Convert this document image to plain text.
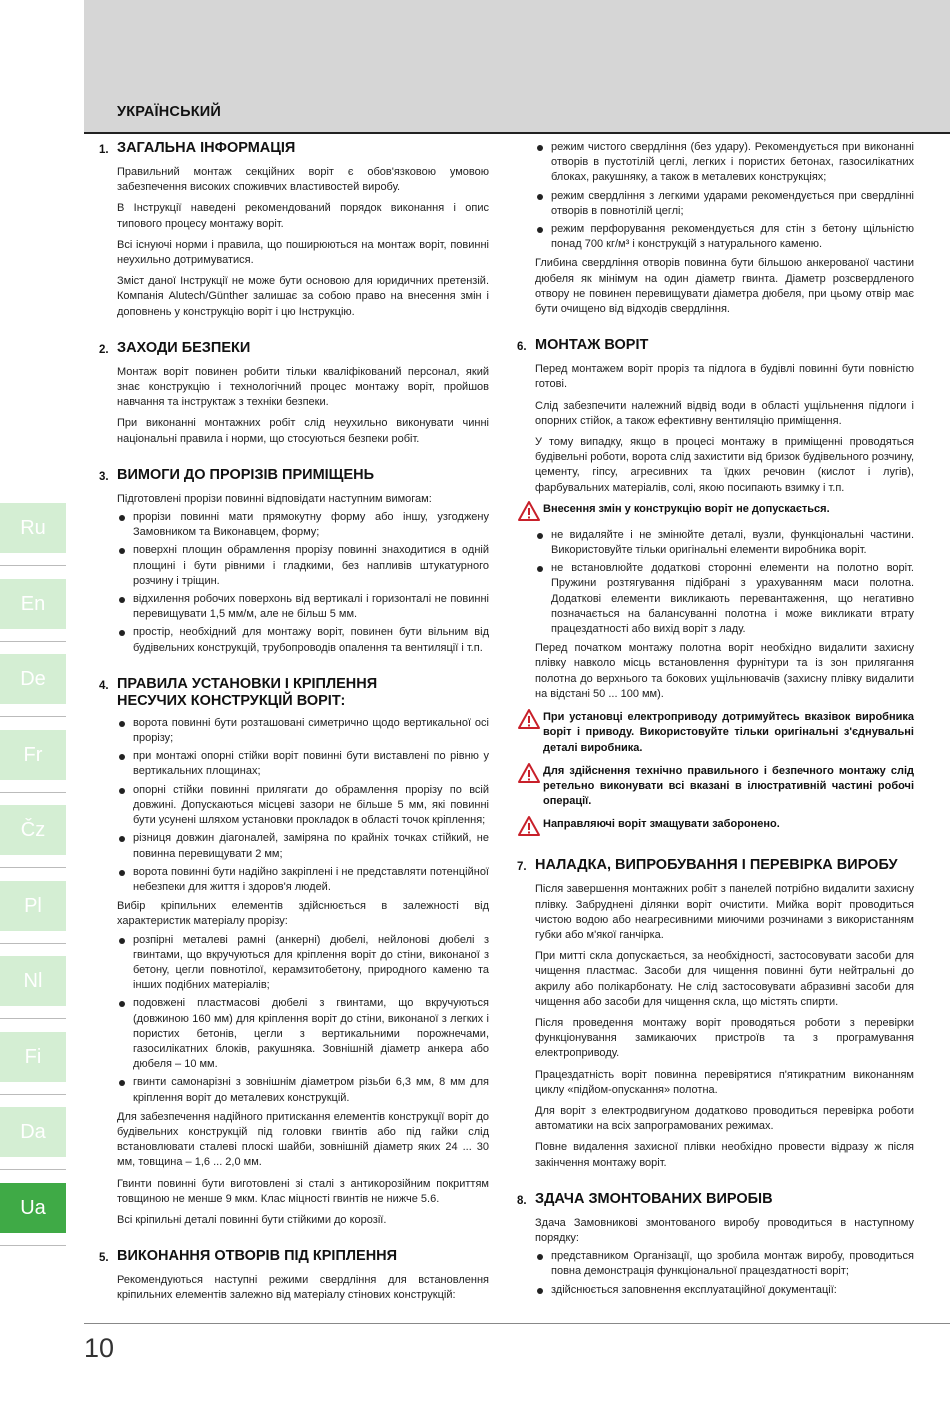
УКРАЇНСЬКИЙ
Ru
En
De
Fr
Čz
Pl
Nl
Fi
Da
Ua
1. ЗАГАЛЬНА ІНФОРМАЦІЯ

Правильний монтаж секційних воріт є обов'язковою умовою забезпечення високих споживчих властивостей виробу.

В Інструкції наведені рекомендований порядок виконання і опис типового процесу монтажу воріт.

Всі існуючі норми і правила, що поширюються на монтаж воріт, повинні неухильно дотримуватися.

Зміст даної Інструкції не може бути основою для юридичних претензій. Компанія Alutech/Günther залишає за собою право на внесення змін і доповнень у конструкцію воріт і цю Інструкцію.

2. ЗАХОДИ БЕЗПЕКИ

Монтаж воріт повинен робити тільки кваліфікований персонал, який знає конструкцію і технологічний процес монтажу воріт, пройшов навчання та інструктаж з техніки безпеки.

При виконанні монтажних робіт слід неухильно виконувати чинні національні правила і норми, що стосуються безпеки робіт.

3. ВИМОГИ ДО ПРОРІЗІВ ПРИМІЩЕНЬ

Підготовлені прорізи повинні відповідати наступним вимогам:

прорізи повинні мати прямокутну форму або іншу, узгоджену Замовником та Виконавцем, форму;
поверхні площин обрамлення прорізу повинні знаходитися в одній площині і бути рівними і гладкими, без напливів штукатурного розчину і тріщин.
відхилення робочих поверхонь від вертикалі і горизонталі не повинні перевищувати 1,5 мм/м, але не більш 5 мм.
простір, необхідний для монтажу воріт, повинен бути вільним від будівельних конструкцій, трубопроводів опалення та вентиляції і т.п.
4. ПРАВИЛА УСТАНОВКИ І КРІПЛЕННЯ
НЕСУЧИХ КОНСТРУКЦІЙ ВОРІТ:
ворота повинні бути розташовані симетрично щодо вертикальної осі прорізу;
при монтажі опорні стійки воріт повинні бути виставлені по рівню у вертикальних площинах;
опорні стійки повинні прилягати до обрамлення прорізу по всій довжині. Допускаються місцеві зазори не більше 5 мм, які повинні бути усунені шляхом установки прокладок в області точок кріплення;
різниця довжин діагоналей, заміряна по крайніх точках стійкий, не повинна перевищувати 2 мм;
ворота повинні бути надійно закріплені і не представляти потенційної небезпеки для життя і здоров'я людей.

Вибір кріпильних елементів здійснюється в залежності від характеристик матеріалу прорізу:

розпірні металеві рамні (анкерні) дюбелі, нейлонові дюбелі з гвинтами, що вкручуються для кріплення воріт до стіни, виконаної з бетону, цегли повнотілої, керамзитобетону, природного каменю та інших подібних матеріалів;
подовжені пластмасові дюбелі з гвинтами, що вкручуються (довжиною 160 мм) для кріплення воріт до стіни, виконаної з легких і пористих бетонів, цегли з вертикальними порожнечами, газосилікатних блоків, ракушняка. Зовнішній діаметр анкера або дюбеля – 10 мм.
гвинти самонарізні з зовнішнім діаметром різьби 6,3 мм, 8 мм для кріплення воріт до металевих конструкцій.

Для забезпечення надійного притискання елементів конструкції воріт до будівельних конструкцій під головки гвинтів або під гайки слід встановлювати сталеві плоскі шайби, зовнішній діаметр яких 24 ... 30 мм, товщина – 1,6 ... 2,0 мм.

Гвинти повинні бути виготовлені зі сталі з антикорозійним покриттям товщиною не менше 9 мкм. Клас міцності гвинтів не нижче 5.6.

Всі кріпильні деталі повинні бути стійкими до корозії.

5. ВИКОНАННЯ ОТВОРІВ ПІД КРІПЛЕННЯ

Рекомендуються наступні режими свердління для встановлення кріпильних елементів залежно від матеріалу стінових конструкцій:

режим чистого свердління (без удару). Рекомендується при виконанні отворів в пустотілій цеглі, легких і пористих бетонах, газосилікатних блоках, ракушняку, а також в металевих конструкціях;
режим свердління з легкими ударами рекомендується при свердлінні отворів в повнотілій цеглі;
режим перфорування рекомендується для стін з бетону щільністю понад 700 кг/м³ і конструкцій з натурального каменю.

Глибина свердління отворів повинна бути більшою анкерованої частини дюбеля як мінімум на один діаметр гвинта. Діаметр розсвердленого отвору не повинен перевищувати діаметра дюбеля, при цьому отвір має бути очищено від відходів свердління.

6. МОНТАЖ ВОРІТ

Перед монтажем воріт проріз та підлога в будівлі повинні бути повністю готові.

Слід забезпечити належний відвід води в області ущільнення підлоги і опорних стійок, а також ефективну вентиляцію приміщення.

У тому випадку, якщо в процесі монтажу в приміщенні проводяться будівельні роботи, ворота слід захистити від бризок будівельного розчину, цементу, гіпсу, агресивних та їдких речовин (кислот і лугів), фарбувальних матеріалів, солі, якою посипають взимку і т.п.

Внесення змін у конструкцію воріт не допускається.
не видаляйте і не змінюйте деталі, вузли, функціональні частини. Використовуйте тільки оригінальні елементи виробника воріт.
не встановлюйте додаткові сторонні елементи на полотно воріт. Пружини розтягування підібрані з урахуванням маси полотна. Додаткові елементи викликають перевантаження, що негативно позначається на балансуванні полотна і може викликати втрату працездатності або вихід воріт з ладу.

Перед початком монтажу полотна воріт необхідно видалити захисну плівку навколо місць встановлення фурнітури та із зон прилягання полотна до верхнього та бокових ущільнювачів (захисну плівку видалити на відстані 50 ... 100 мм).

При установці електроприводу дотримуйтесь вказівок виробника воріт і приводу. Використовуйте тільки оригінальні з'єднувальні деталі виробника.
Для здійснення технічно правильного і безпечного монтажу слід ретельно виконувати всі вказані в ілюстративній частині робочі операції.
Направляючі воріт змащувати заборонено.
7. НАЛАДКА, ВИПРОБУВАННЯ І ПЕРЕВІРКА ВИРОБУ

Після завершення монтажних робіт з панелей потрібно видалити захисну плівку. Забруднені ділянки воріт очистити. Мийка воріт проводиться чистою водою або неагресивними миючими розчинами з використанням губки або м'якої ганчірка.

При митті скла допускається, за необхідності, застосовувати засоби для чищення пластмас. Засоби для чищення повинні бути нейтральні до акрилу або полікарбонату. Не слід застосовувати абразивні засоби для чищення або засоби для чищення скла, що містять спирти.

Після проведення монтажу воріт проводяться роботи з перевірки функціонування замикаючих пристроїв та з програмування електроприводу.

Працездатність воріт повинна перевірятися п'ятикратним виконанням циклу «підйом-опускання» полотна.

Для воріт з електродвигуном додатково проводиться перевірка роботи автоматики на всіх запрограмованих режимах.

Повне видалення захисної плівки необхідно провести відразу ж після закінчення монтажу воріт.

8. ЗДАЧА ЗМОНТОВАНИХ ВИРОБІВ

Здача Замовникові змонтованого виробу проводиться в наступному порядку:

представником Організації, що зробила монтаж виробу, проводиться повна демонстрація функціональної працездатності воріт;
здійснюється заповнення експлуатаційної документації:
10
